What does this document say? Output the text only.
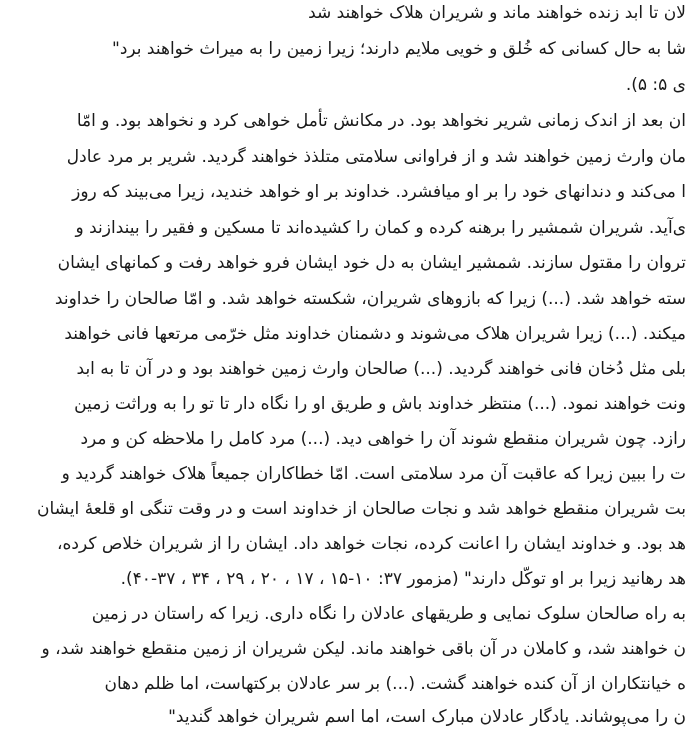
لان تا ابد زنده خواهند ماند و شریران هلاک خواهند شد
شا به حال کسانی که خُلق و خویی ملایم دارند؛ زیرا زمین را به میراث خواهند برد"
ی ۵: ۵).
ان بعد از اندک زمانی شریر نخواهد بود. در مکانش تأمل خواهی کرد و نخواهد بود. و امّا
مان وارث زمین خواهند شد و از فراوانی سلامتی متلذذ خواهند گردید. شریر بر مرد عادل
ا می‌کند و دندانهای خود را بر او میافشرد. خداوند بر او خواهد خندید، زیرا می‌بیند که روز
ی‌آید. شریران شمشیر را برهنه کرده و کمان را کشیده‌اند تا مسکین و فقیر را بیندازند و
تروان را مقتول سازند. شمشیر ایشان به دل خود ایشان فرو خواهد رفت و کمانهای ایشان
سته خواهد شد. (...) زیرا که بازوهای شریران، شکسته خواهد شد. و امّا صالحان را خداوند
میکند. (...) زیرا شریران هلاک می‌شوند و دشمنان خداوند مثل خرّمی مرتعها فانی خواهند
بلی مثل دُخان فانی خواهند گردید. (...) صالحان وارث زمین خواهند بود و در آن تا به ابد
ونت خواهند نمود. (...) منتظر خداوند باش و طریق او را نگاه دار تا تو را به وراثت زمین
رازد. چون شریران منقطع شوند آن را خواهی دید. (...) مرد کامل را ملاحظه کن و مرد
ت را ببین زیرا که عاقبت آن مرد سلامتی است. امّا خطاکاران جمیعاً هلاک خواهند گردید و
بت شریران منقطع خواهد شد و نجات صالحان از خداوند است و در وقت تنگی او قلعهٔ ایشان
هد بود. و خداوند ایشان را اعانت کرده، نجات خواهد داد. ایشان را از شریران خلاص کرده،
هد رهانید زیرا بر او توکّل دارند" (مزمور ۳۷: ۱۰-۱۵ ، ۱۷ ، ۲۰ ، ۲۹ ، ۳۴ ، ۳۷-۴۰).
به راه صالحان سلوک نمایی و طریقهای عادلان را نگاه داری. زیرا که راستان در زمین
ن خواهند شد، و کاملان در آن باقی خواهند ماند. لیکن شریران از زمین منقطع خواهند شد، و
ه خیانتکاران از آن کنده خواهند گشت. (...) بر سر عادلان برکتهاست، اما ظلم دهان
ن را می‌پوشاند. یادگار عادلان مبارک است، اما اسم شریران خواهد گندید"
